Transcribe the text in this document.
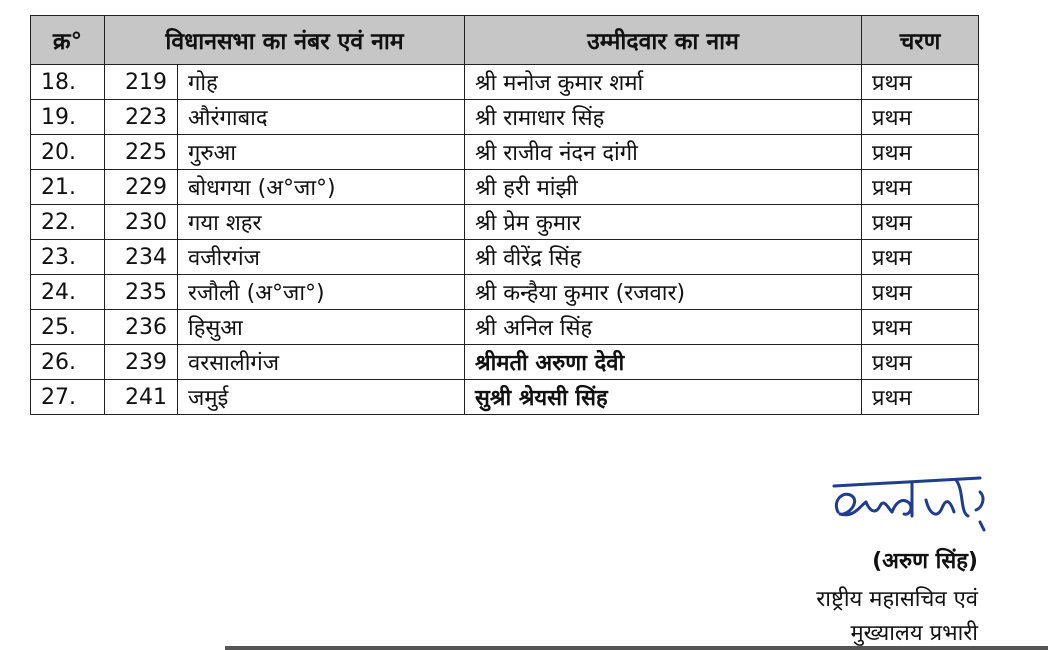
क्र°	विधानसभा का नंबर एवं नाम		उम्मीदवार का नाम	चरण
18.	219	गोह	श्री मनोज कुमार शर्मा	प्रथम
19.	223	औरंगाबाद	श्री रामाधार सिंह	प्रथम
20.	225	गुरुआ	श्री राजीव नंदन दांगी	प्रथम
21.	229	बोधगया (अ°जा°)	श्री हरी मांझी	प्रथम
22.	230	गया शहर	श्री प्रेम कुमार	प्रथम
23.	234	वजीरगंज	श्री वीरेंद्र सिंह	प्रथम
24.	235	रजौली (अ°जा°)	श्री कन्हैया कुमार (रजवार)	प्रथम
25.	236	हिसुआ	श्री अनिल सिंह	प्रथम
26.	239	वरसालीगंज	श्रीमती अरुणा देवी	प्रथम
27.	241	जमुई	सुश्री श्रेयसी सिंह	प्रथम
(अरुण सिंह)
राष्ट्रीय महासचिव एवं
मुख्यालय प्रभारी
